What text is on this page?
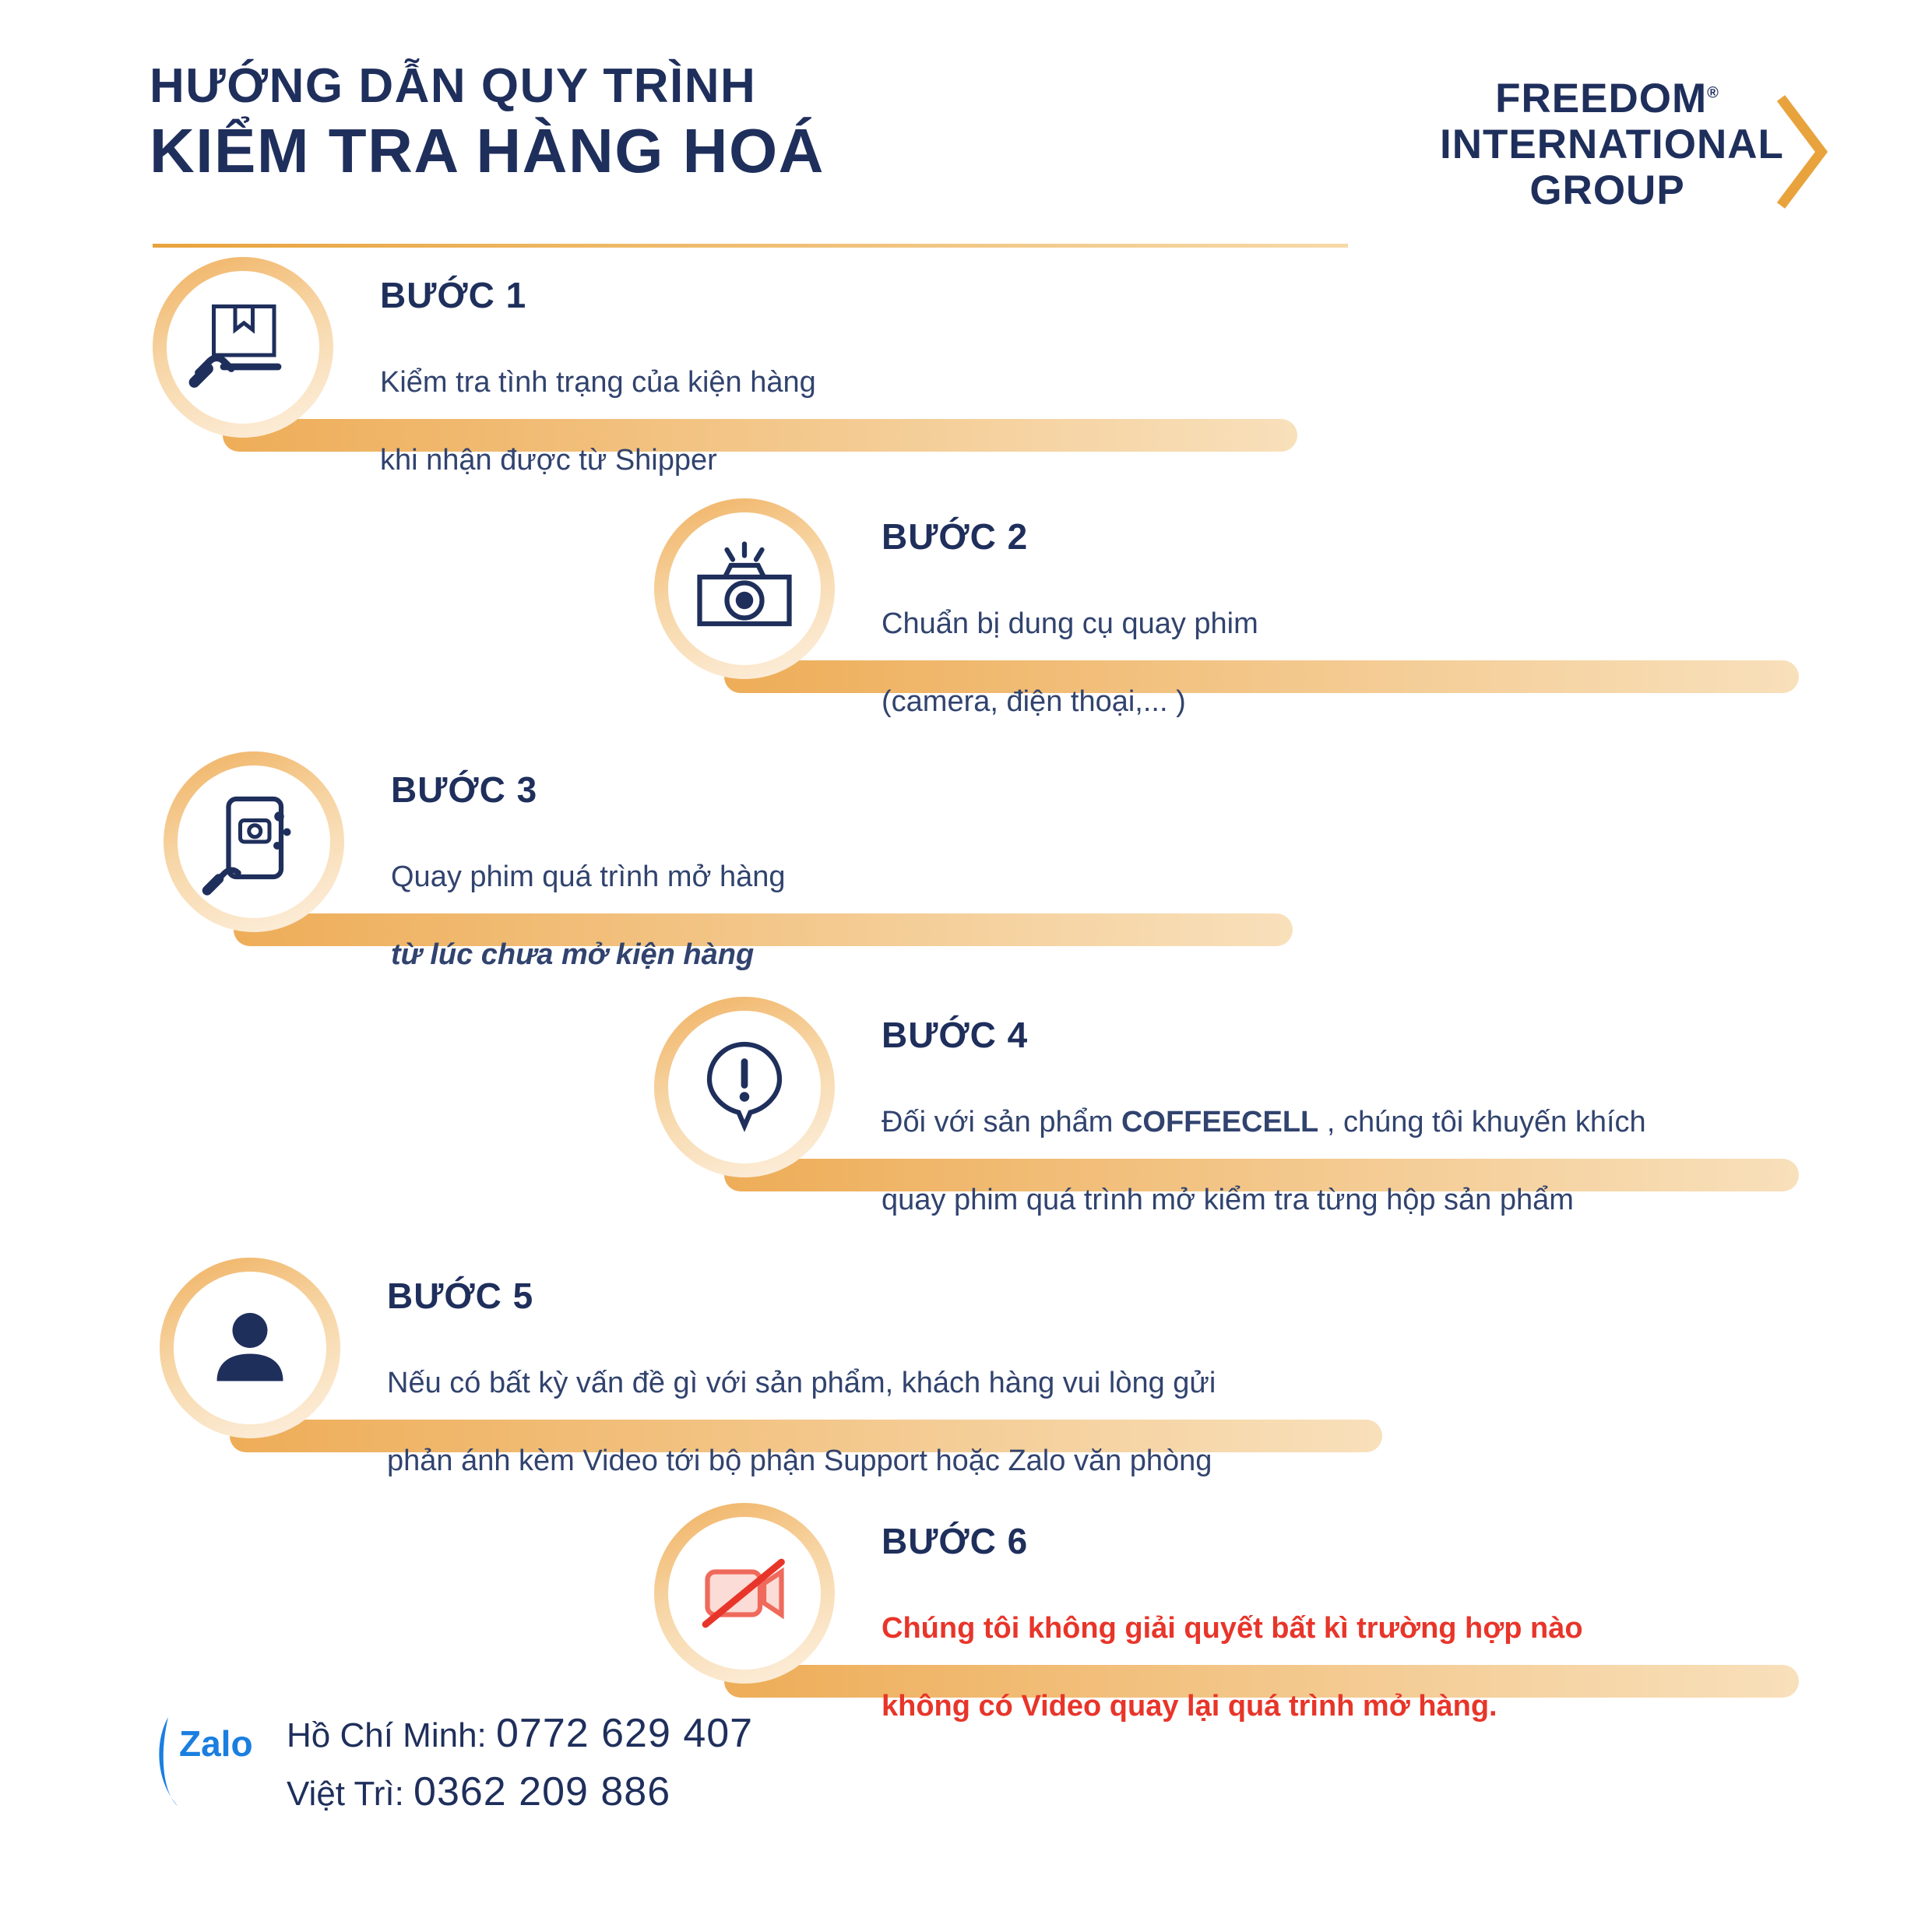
HƯỚNG DẪN QUY TRÌNH
KIỂM TRA HÀNG HOÁ
FREEDOM®
INTERNATIONAL
GROUP
BƯỚC 1

Kiểm tra tình trạng của kiện hàng

khi nhận được từ Shipper

BƯỚC 2

Chuẩn bị dung cụ quay phim

(camera, điện thoại,... )

BƯỚC 3

Quay phim quá trình mở hàng

từ lúc chưa mở kiện hàng

BƯỚC 4

Đối với sản phẩm COFFEECELL , chúng tôi khuyến khích

quay phim quá trình mở kiểm tra từng hộp sản phẩm

BƯỚC 5

Nếu có bất kỳ vấn đề gì với sản phẩm, khách hàng vui lòng gửi

phản ánh kèm Video tới bộ phận Support hoặc Zalo văn phòng

BƯỚC 6

Chúng tôi không giải quyết bất kì trường hợp nào

không có Video quay lại quá trình mở hàng.

Zalo Hồ Chí Minh: 0772 629 407
Việt Trì: 0362 209 886
